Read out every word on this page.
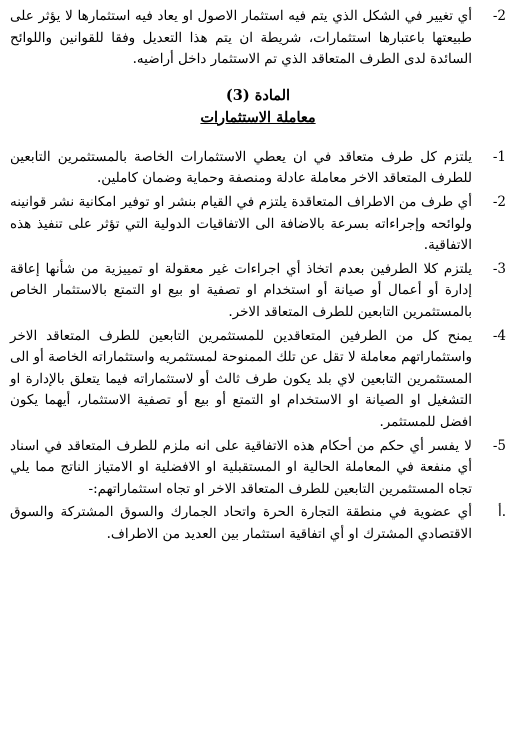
-2
أي تغيير في الشكل الذي يتم فيه استثمار الاصول او يعاد فيه استثمارها لا يؤثر على طبيعتها باعتبارها استثمارات، شريطة ان يتم هذا التعديل وفقا للقوانين واللوائح السائدة لدى الطرف المتعاقد الذي تم الاستثمار داخل أراضيه.
المادة (3)
معاملة الاستثمارات
-1
يلتزم كل طرف متعاقد في ان يعطي الاستثمارات الخاصة بالمستثمرين التابعين للطرف المتعاقد الاخر معاملة عادلة ومنصفة وحماية وضمان كاملين.
-2
أي طرف من الاطراف المتعاقدة يلتزم في القيام بنشر او توفير امكانية نشر قوانينه ولوائحه وإجراءاته بسرعة بالاضافة الى الاتفاقيات الدولية التي تؤثر على تنفيذ هذه الاتفاقية.
-3
يلتزم كلا الطرفين بعدم اتخاذ أي اجراءات غير معقولة او تمييزية من شأنها إعاقة إدارة أو أعمال أو صيانة أو استخدام او تصفية او بيع او التمتع بالاستثمار الخاص بالمستثمرين التابعين للطرف المتعاقد الاخر.
-4
يمنح كل من الطرفين المتعاقدين للمستثمرين التابعين للطرف المتعاقد الاخر واستثماراتهم معاملة لا تقل عن تلك الممنوحة لمستثمريه واستثماراته الخاصة أو الى المستثمرين التابعين لاي بلد يكون طرف ثالث أو لاستثماراته فيما يتعلق بالإدارة او التشغيل او الصيانة او الاستخدام او التمتع أو بيع أو تصفية الاستثمار، أيهما يكون افضل للمستثمر.
-5
لا يفسر أي حكم من أحكام هذه الاتفاقية على انه ملزم للطرف المتعاقد في اسناد أي منفعة في المعاملة الحالية او المستقبلية او الافضلية او الامتياز الناتج مما يلي تجاه المستثمرين التابعين للطرف المتعاقد الاخر او تجاه استثماراتهم:-
أ.
أي عضوية في منطقة التجارة الحرة واتحاد الجمارك والسوق المشتركة والسوق الاقتصادي المشترك او أي اتفاقية استثمار بين العديد من الاطراف.
